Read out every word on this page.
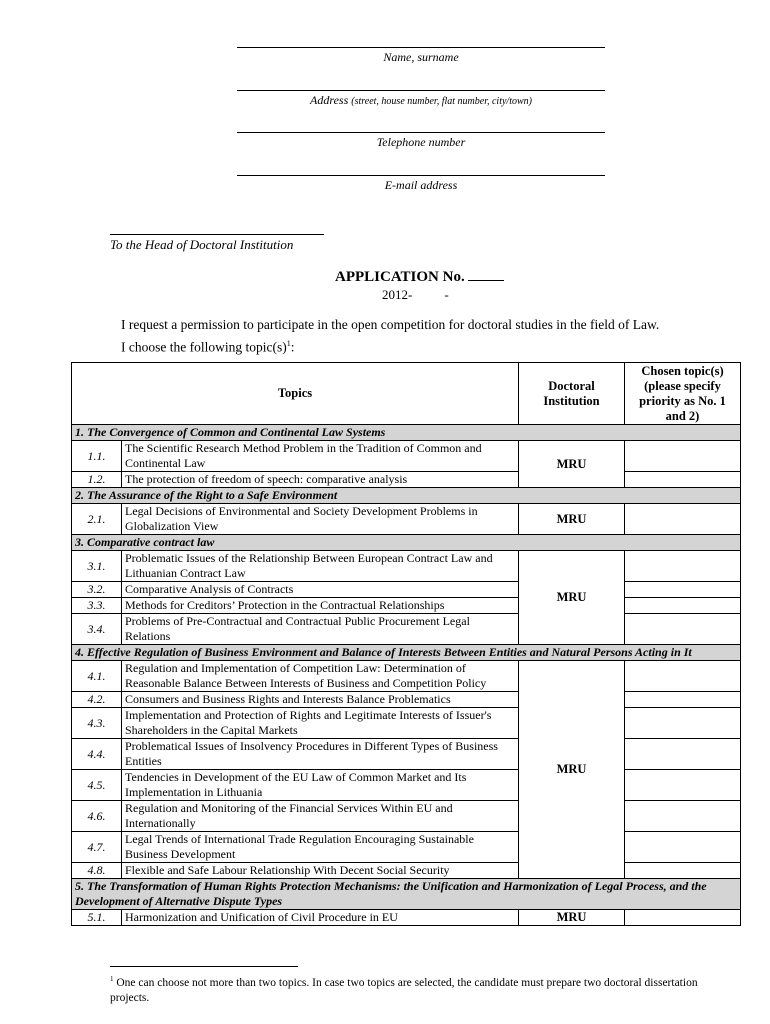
Name, surname
Address (street, house number, flat number, city/town)
Telephone number
E-mail address
To the Head of Doctoral Institution
APPLICATION No.
2012- -
I request a permission to participate in the open competition for doctoral studies in the field of Law.
I choose the following $topic(s)^1$:
Topics		Doctoral Institution	Chosen topic(s) (please specify priority as No. 1 and 2)
1. The Convergence of Common and Continental Law Systems			
1.1.	The Scientific Research Method Problem in the Tradition of Common and Continental Law	MRU	
1.2.	The protection of freedom of speech: comparative analysis		
2. The Assurance of the Right to a Safe Environment			
2.1.	Legal Decisions of Environmental and Society Development Problems in Globalization View	MRU	
3. Comparative contract law			
3.1.	Problematic Issues of the Relationship Between European Contract Law and Lithuanian Contract Law	MRU	
3.2.	Comparative Analysis of Contracts		
3.3.	Methods for Creditors’ Protection in the Contractual Relationships		
3.4.	Problems of Pre-Contractual and Contractual Public Procurement Legal Relations		
4. Effective Regulation of Business Environment and Balance of Interests Between Entities and Natural Persons Acting in It			
4.1.	Regulation and Implementation of Competition Law: Determination of Reasonable Balance Between Interests of Business and Competition Policy	MRU	
4.2.	Consumers and Business Rights and Interests Balance Problematics		
4.3.	Implementation and Protection of Rights and Legitimate Interests of Issuer's Shareholders in the Capital Markets		
4.4.	Problematical Issues of Insolvency Procedures in Different Types of Business Entities		
4.5.	Tendencies in Development of the EU Law of Common Market and Its Implementation in Lithuania		
4.6.	Regulation and Monitoring of the Financial Services Within EU and Internationally		
4.7.	Legal Trends of International Trade Regulation Encouraging Sustainable Business Development		
4.8.	Flexible and Safe Labour Relationship With Decent Social Security		
5. The Transformation of Human Rights Protection Mechanisms: the Unification and Harmonization of Legal Process, and the Development of Alternative Dispute Types			
5.1.	Harmonization and Unification of Civil Procedure in EU	MRU	
$^1$ One can choose not more than two topics. In case two topics are selected, the candidate must prepare two doctoral dissertation projects.
